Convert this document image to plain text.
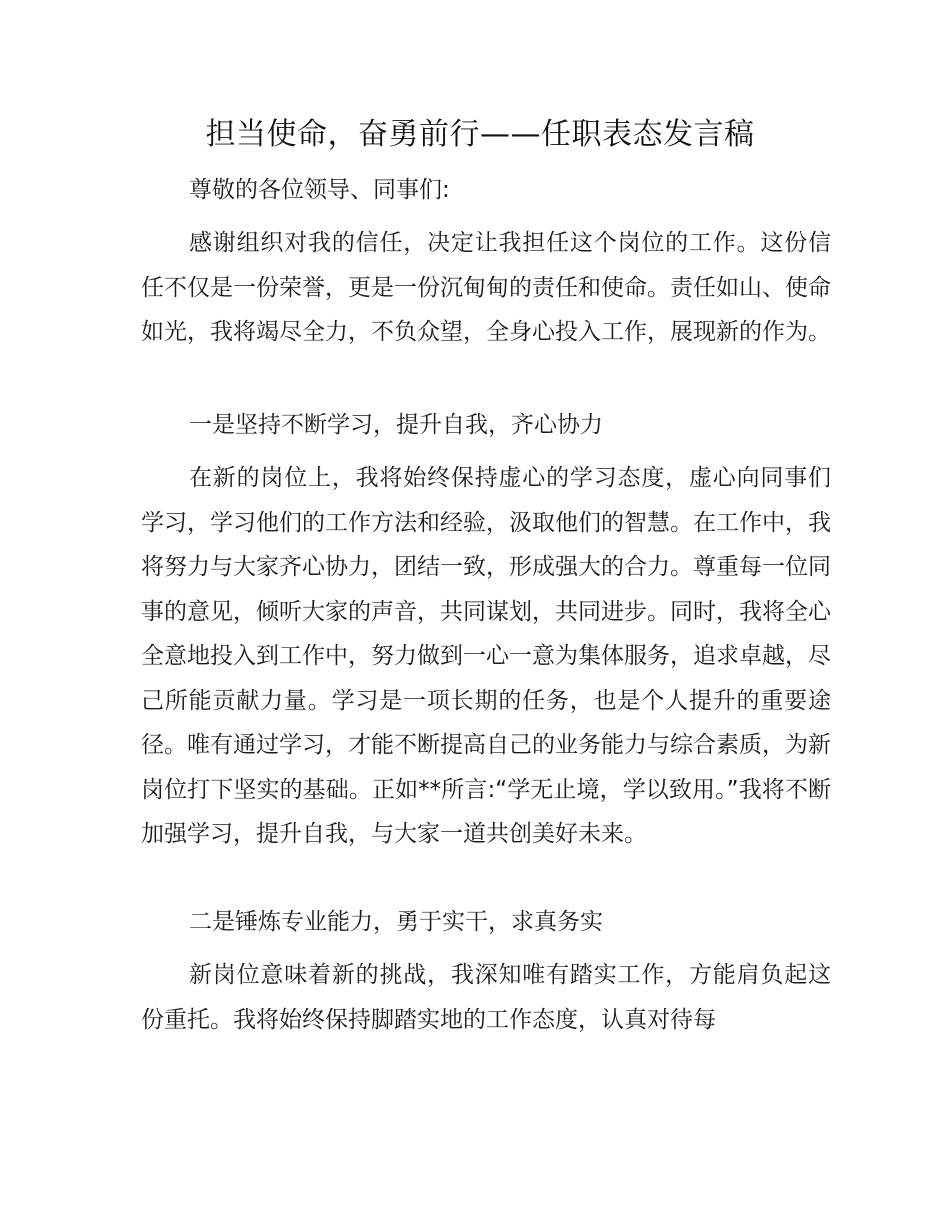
担当使命，奋勇前行——任职表态发言稿

尊敬的各位领导、同事们:

感谢组织对我的信任，决定让我担任这个岗位的工作。这份信任不仅是一份荣誉，更是一份沉甸甸的责任和使命。责任如山、使命如光，我将竭尽全力，不负众望，全身心投入工作，展现新的作为。

一是坚持不断学习，提升自我，齐心协力

在新的岗位上，我将始终保持虚心的学习态度，虚心向同事们学习，学习他们的工作方法和经验，汲取他们的智慧。在工作中，我将努力与大家齐心协力，团结一致，形成强大的合力。尊重每一位同事的意见，倾听大家的声音，共同谋划，共同进步。同时，我将全心全意地投入到工作中，努力做到一心一意为集体服务，追求卓越，尽己所能贡献力量。学习是一项长期的任务，也是个人提升的重要途径。唯有通过学习，才能不断提高自己的业务能力与综合素质，为新岗位打下坚实的基础。正如**所言:“学无止境，学以致用。”我将不断加强学习，提升自我，与大家一道共创美好未来。

二是锤炼专业能力，勇于实干，求真务实

新岗位意味着新的挑战，我深知唯有踏实工作，方能肩负起这份重托。我将始终保持脚踏实地的工作态度，认真对待每
